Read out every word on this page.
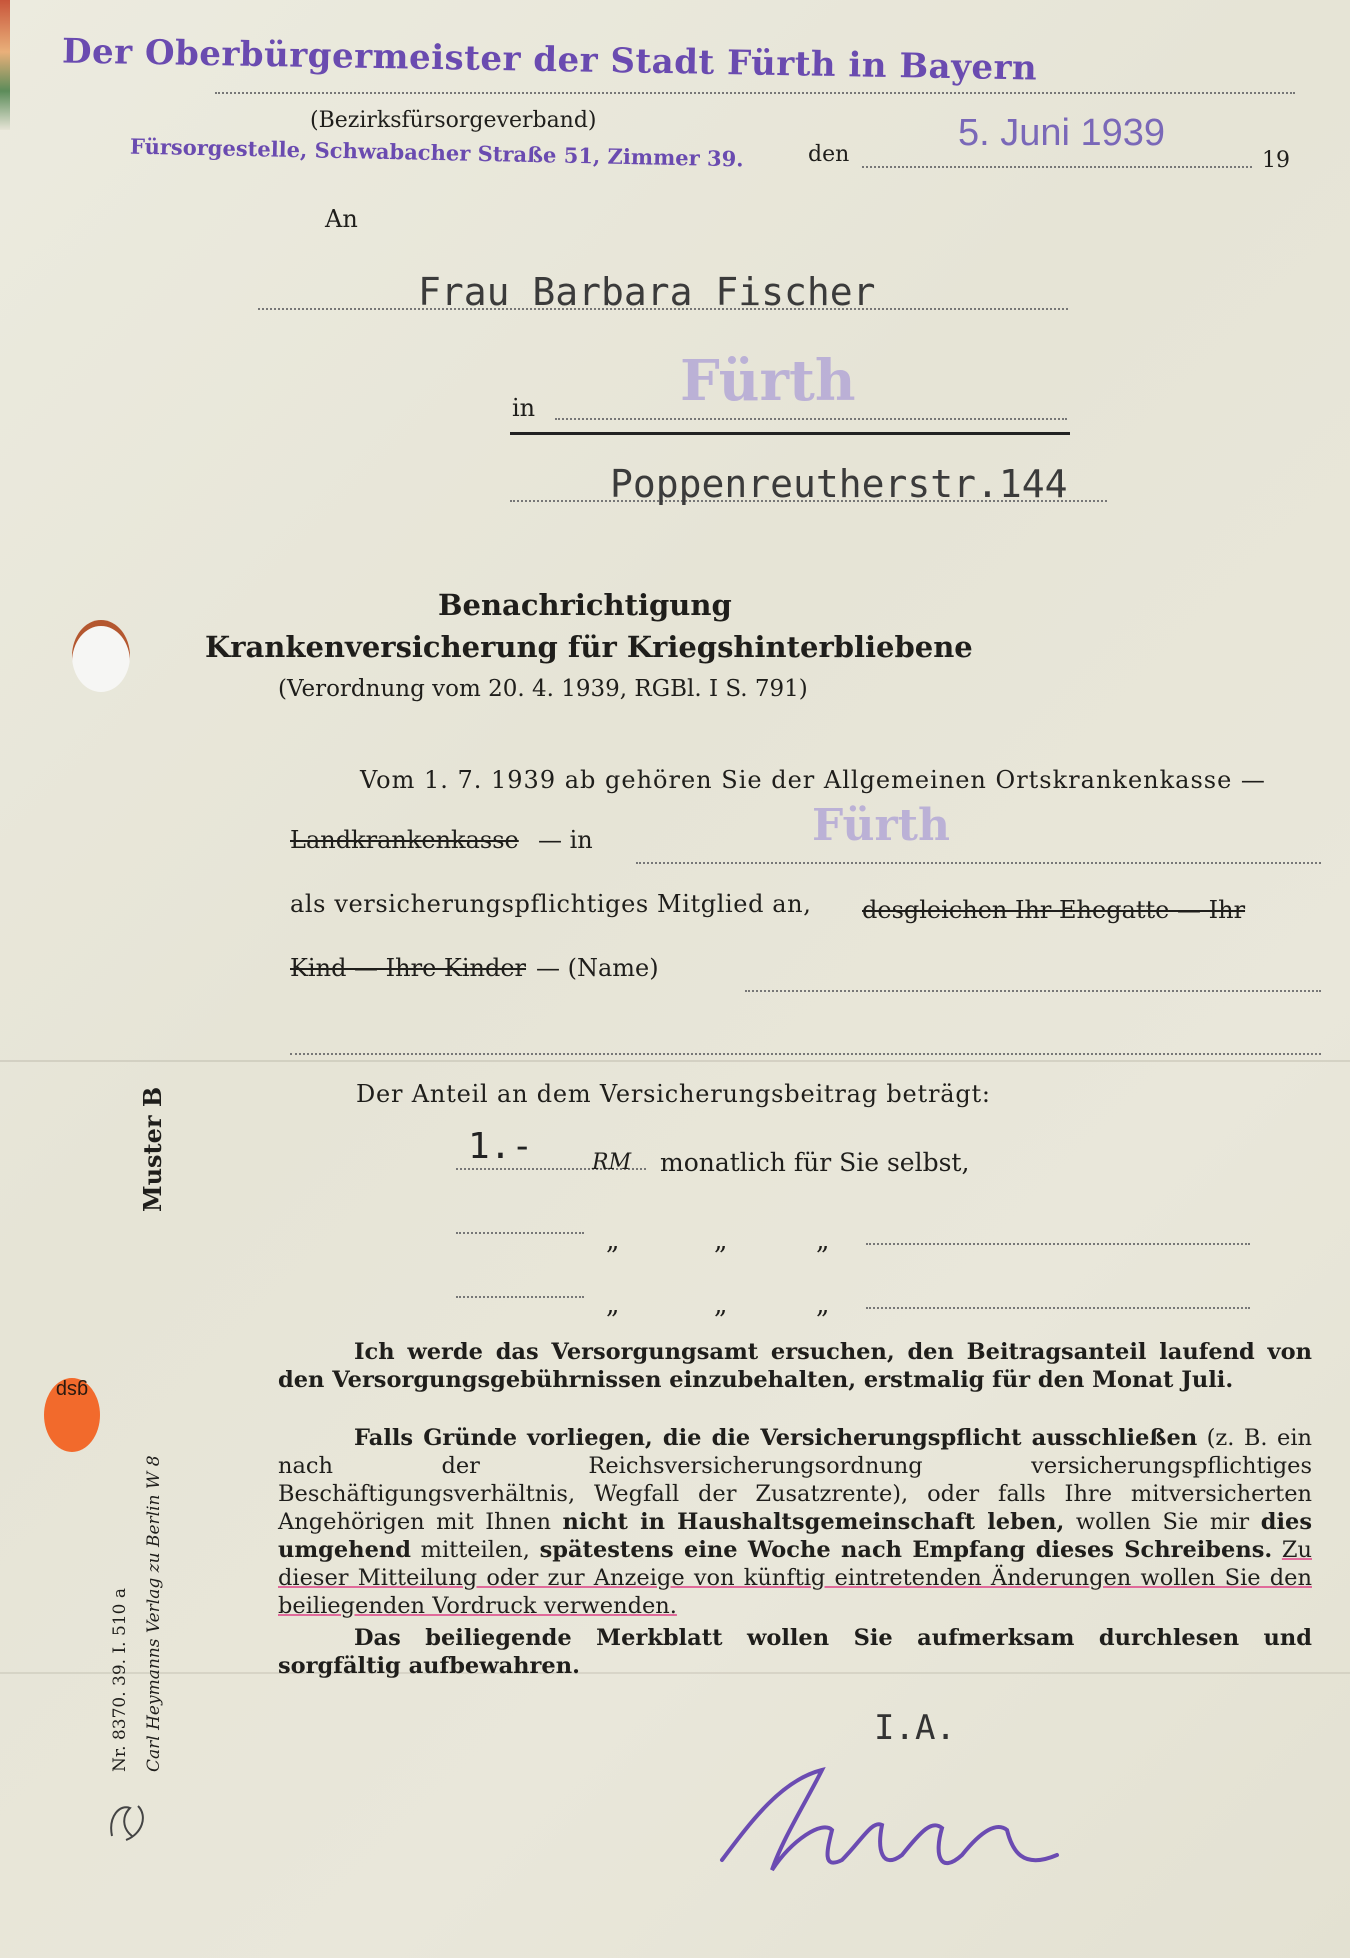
Der Oberbürgermeister der Stadt Fürth in Bayern
(Bezirksfürsorgeverband)
Fürsorgestelle, Schwabacher Straße 51, Zimmer 39.	den
5. Juni 1939
19
An
Frau Barbara Fischer
in	Fürth
Poppenreutherstr.144
Benachrichtigung
Krankenversicherung für Kriegshinterbliebene
(Verordnung vom 20. 4. 1939, RGBl. I S. 791)
Vom 1. 7. 1939 ab gehören Sie der Allgemeinen Ortskrankenkasse —
Landkrankenkasse — in	Fürth
als versicherungspflichtiges Mitglied an, desgleichen Ihr Ehegatte — Ihr
Kind — Ihre Kinder — (Name)
Der Anteil an dem Versicherungsbeitrag beträgt:
1.-	RM monatlich für Sie selbst,
„	„	„
„	„	„
Ich werde das Versorgungsamt ersuchen, den Beitragsanteil laufend von den Versorgungsgebührnissen einzubehalten, erstmalig für den Monat Juli.
Falls Gründe vorliegen, die die Versicherungspflicht ausschließen (z. B. ein nach der Reichsversicherungsordnung versicherungspflichtiges Beschäftigungsverhältnis, Wegfall der Zusatzrente), oder falls Ihre mitversicherten Angehörigen mit Ihnen nicht in Haushaltsgemeinschaft leben, wollen Sie mir dies umgehend mitteilen, spätestens eine Woche nach Empfang dieses Schreibens. Zu dieser Mitteilung oder zur Anzeige von künftig eintretenden Änderungen wollen Sie den beiliegenden Vordruck verwenden.
Das beiliegende Merkblatt wollen Sie aufmerksam durchlesen und sorgfältig aufbewahren.
I.A.
Muster B
Nr. 8370. 39. I. 510 a Carl Heymanns Verlag zu Berlin W 8
gsp
